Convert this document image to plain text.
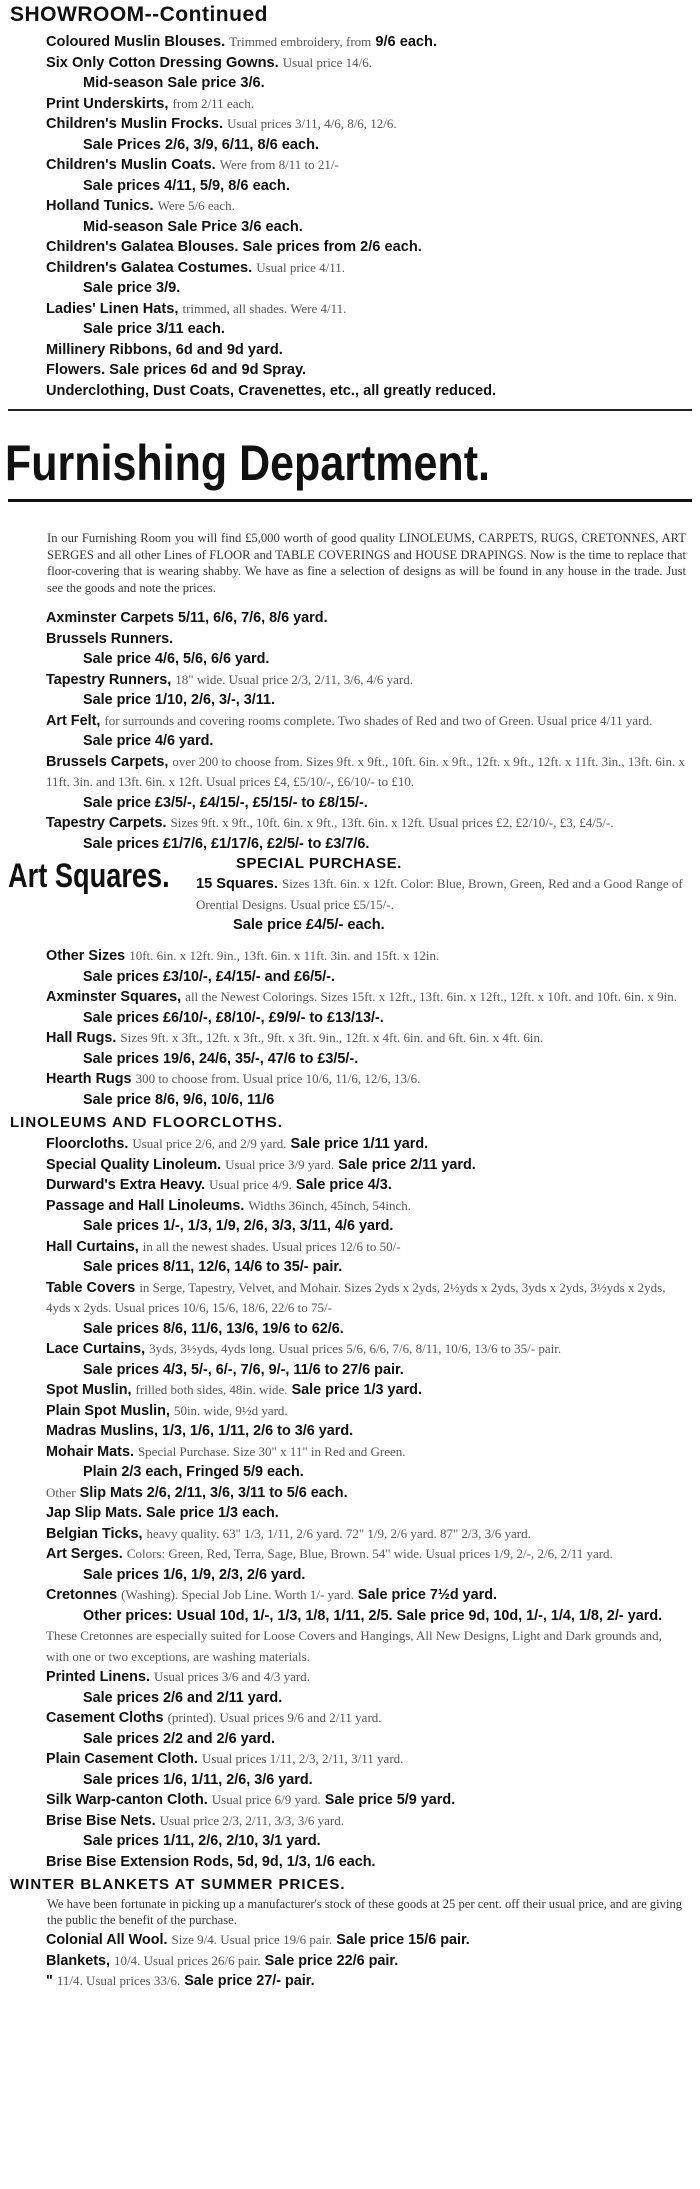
SHOWROOM--Continued

Coloured Muslin Blouses. Trimmed embroidery, from 9/6 each.

Six Only Cotton Dressing Gowns. Usual price 14/6.
Mid-season Sale price 3/6.

Print Underskirts, from 2/11 each.

Children's Muslin Frocks. Usual prices 3/11, 4/6, 8/6, 12/6.
Sale Prices 2/6, 3/9, 6/11, 8/6 each.

Children's Muslin Coats. Were from 8/11 to 21/-
Sale prices 4/11, 5/9, 8/6 each.

Holland Tunics. Were 5/6 each.
Mid-season Sale Price 3/6 each.

Children's Galatea Blouses. Sale prices from 2/6 each.

Children's Galatea Costumes. Usual price 4/11.
Sale price 3/9.

Ladies' Linen Hats, trimmed, all shades. Were 4/11.
Sale price 3/11 each.

Millinery Ribbons, 6d and 9d yard.

Flowers. Sale prices 6d and 9d Spray.

Underclothing, Dust Coats, Cravenettes, etc., all greatly reduced.

Furnishing Department.

In our Furnishing Room you will find £5,000 worth of good quality LINOLEUMS, CARPETS, RUGS, CRETONNES, ART SERGES and all other Lines of FLOOR and TABLE COVERINGS and HOUSE DRAPINGS. Now is the time to replace that floor-covering that is wearing shabby. We have as fine a selection of designs as will be found in any house in the trade. Just see the goods and note the prices.

Axminster Carpets 5/11, 6/6, 7/6, 8/6 yard.

Brussels Runners.
Sale price 4/6, 5/6, 6/6 yard.

Tapestry Runners, 18" wide. Usual price 2/3, 2/11, 3/6, 4/6 yard.
Sale price 1/10, 2/6, 3/-, 3/11.

Art Felt, for surrounds and covering rooms complete. Two shades of Red and two of Green. Usual price 4/11 yard.
Sale price 4/6 yard.

Brussels Carpets, over 200 to choose from. Sizes 9ft. x 9ft., 10ft. 6in. x 9ft., 12ft. x 9ft., 12ft. x 11ft. 3in., 13ft. 6in. x 11ft. 3in. and 13ft. 6in. x 12ft. Usual prices £4, £5/10/-, £6/10/- to £10.
Sale price £3/5/-, £4/15/-, £5/15/- to £8/15/-.

Tapestry Carpets. Sizes 9ft. x 9ft., 10ft. 6in. x 9ft., 13ft. 6in. x 12ft. Usual prices £2, £2/10/-, £3, £4/5/-.
Sale prices £1/7/6, £1/17/6, £2/5/- to £3/7/6.

Art Squares.	SPECIAL PURCHASE.

15 Squares. Sizes 13ft. 6in. x 12ft. Color: Blue, Brown, Green, Red and a Good Range of Orential Designs. Usual price £5/15/-.
Sale price £4/5/- each.

Other Sizes 10ft. 6in. x 12ft. 9in., 13ft. 6in. x 11ft. 3in. and 15ft. x 12in.
Sale prices £3/10/-, £4/15/- and £6/5/-.

Axminster Squares, all the Newest Colorings. Sizes 15ft. x 12ft., 13ft. 6in. x 12ft., 12ft. x 10ft. and 10ft. 6in. x 9in.
Sale prices £6/10/-, £8/10/-, £9/9/- to £13/13/-.

Hall Rugs. Sizes 9ft. x 3ft., 12ft. x 3ft., 9ft. x 3ft. 9in., 12ft. x 4ft. 6in. and 6ft. 6in. x 4ft. 6in.
Sale prices 19/6, 24/6, 35/-, 47/6 to £3/5/-.

Hearth Rugs 300 to choose from. Usual price 10/6, 11/6, 12/6, 13/6.
Sale price 8/6, 9/6, 10/6, 11/6

LINOLEUMS AND FLOORCLOTHS.

Floorcloths. Usual price 2/6, and 2/9 yard. Sale price 1/11 yard.

Special Quality Linoleum. Usual price 3/9 yard. Sale price 2/11 yard.

Durward's Extra Heavy. Usual price 4/9. Sale price 4/3.

Passage and Hall Linoleums. Widths 36inch, 45inch, 54inch.
Sale prices 1/-, 1/3, 1/9, 2/6, 3/3, 3/11, 4/6 yard.

Hall Curtains, in all the newest shades. Usual prices 12/6 to 50/-
Sale prices 8/11, 12/6, 14/6 to 35/- pair.

Table Covers in Serge, Tapestry, Velvet, and Mohair. Sizes 2yds x 2yds, 2½yds x 2yds, 3yds x 2yds, 3½yds x 2yds, 4yds x 2yds. Usual prices 10/6, 15/6, 18/6, 22/6 to 75/-
Sale prices 8/6, 11/6, 13/6, 19/6 to 62/6.

Lace Curtains, 3yds, 3½yds, 4yds long. Usual prices 5/6, 6/6, 7/6, 8/11, 10/6, 13/6 to 35/- pair.
Sale prices 4/3, 5/-, 6/-, 7/6, 9/-, 11/6 to 27/6 pair.

Spot Muslin, frilled both sides, 48in. wide. Sale price 1/3 yard.

Plain Spot Muslin, 50in. wide, 9½d yard.

Madras Muslins, 1/3, 1/6, 1/11, 2/6 to 3/6 yard.

Mohair Mats. Special Purchase. Size 30" x 11" in Red and Green.
Plain 2/3 each, Fringed 5/9 each.

Other Slip Mats 2/6, 2/11, 3/6, 3/11 to 5/6 each.

Jap Slip Mats. Sale price 1/3 each.

Belgian Ticks, heavy quality. 63" 1/3, 1/11, 2/6 yard. 72" 1/9, 2/6 yard. 87" 2/3, 3/6 yard.

Art Serges. Colors: Green, Red, Terra, Sage, Blue, Brown. 54" wide. Usual prices 1/9, 2/-, 2/6, 2/11 yard.
Sale prices 1/6, 1/9, 2/3, 2/6 yard.

Cretonnes (Washing). Special Job Line. Worth 1/- yard. Sale price 7½d yard.
Other prices: Usual 10d, 1/-, 1/3, 1/8, 1/11, 2/5. Sale price 9d, 10d, 1/-, 1/4, 1/8, 2/- yard.

These Cretonnes are especially suited for Loose Covers and Hangings, All New Designs, Light and Dark grounds and, with one or two exceptions, are washing materials.

Printed Linens. Usual prices 3/6 and 4/3 yard.
Sale prices 2/6 and 2/11 yard.

Casement Cloths (printed). Usual prices 9/6 and 2/11 yard.
Sale prices 2/2 and 2/6 yard.

Plain Casement Cloth. Usual prices 1/11, 2/3, 2/11, 3/11 yard.
Sale prices 1/6, 1/11, 2/6, 3/6 yard.

Silk Warp-canton Cloth. Usual price 6/9 yard. Sale price 5/9 yard.

Brise Bise Nets. Usual price 2/3, 2/11, 3/3, 3/6 yard.
Sale prices 1/11, 2/6, 2/10, 3/1 yard.

Brise Bise Extension Rods, 5d, 9d, 1/3, 1/6 each.

WINTER BLANKETS AT SUMMER PRICES.

We have been fortunate in picking up a manufacturer's stock of these goods at 25 per cent. off their usual price, and are giving the public the benefit of the purchase.

Colonial All Wool. Size 9/4. Usual price 19/6 pair. Sale price 15/6 pair.

Blankets, 10/4. Usual prices 26/6 pair. Sale price 22/6 pair.

" 11/4. Usual prices 33/6. Sale price 27/- pair.
